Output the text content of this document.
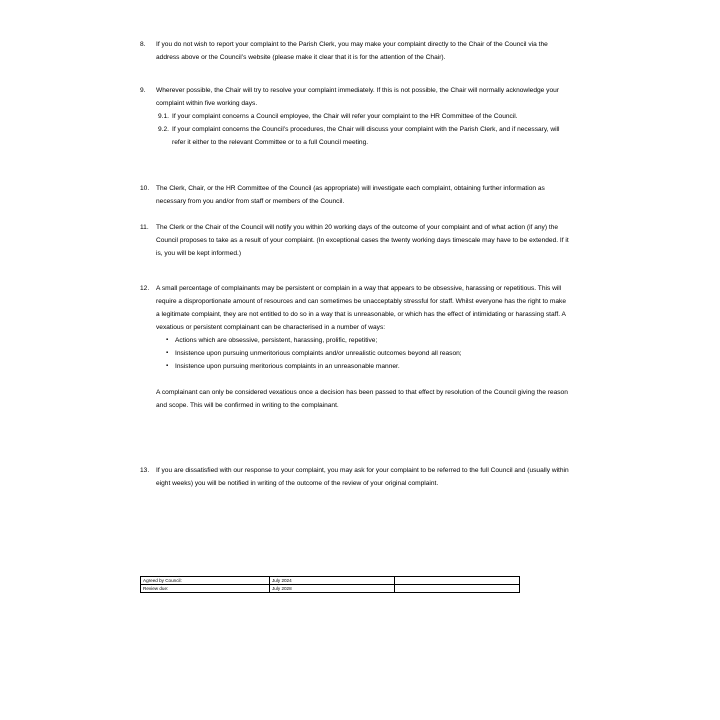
8.	If you do not wish to report your complaint to the Parish Clerk, you may make your complaint directly to the Chair of the Council via the address above or the Council’s website (please make it clear that it is for the attention of the Chair).
9.	Wherever possible, the Chair will try to resolve your complaint immediately. If this is not possible, the Chair will normally acknowledge your complaint within five working days.
9.1. If your complaint concerns a Council employee, the Chair will refer your complaint to the HR Committee of the Council.
9.2. If your complaint concerns the Council’s procedures, the Chair will discuss your complaint with the Parish Clerk, and if necessary, will refer it either to the relevant Committee or to a full Council meeting.
10.	The Clerk, Chair, or the HR Committee of the Council (as appropriate) will investigate each complaint, obtaining further information as necessary from you and/or from staff or members of the Council.
11.	The Clerk or the Chair of the Council will notify you within 20 working days of the outcome of your complaint and of what action (if any) the Council proposes to take as a result of your complaint. (In exceptional cases the twenty working days timescale may have to be extended. If it is, you will be kept informed.)
12.	A small percentage of complainants may be persistent or complain in a way that appears to be obsessive, harassing or repetitious. This will require a disproportionate amount of resources and can sometimes be unacceptably stressful for staff. Whilst everyone has the right to make a legitimate complaint, they are not entitled to do so in a way that is unreasonable, or which has the effect of intimidating or harassing staff. A vexatious or persistent complainant can be characterised in a number of ways:
▪ Actions which are obsessive, persistent, harassing, prolific, repetitive;
▪ Insistence upon pursuing unmeritorious complaints and/or unrealistic outcomes beyond all reason;
▪ Insistence upon pursuing meritorious complaints in an unreasonable manner.
A complainant can only be considered vexatious once a decision has been passed to that effect by resolution of the Council giving the reason and scope. This will be confirmed in writing to the complainant.
13.	If you are dissatisfied with our response to your complaint, you may ask for your complaint to be referred to the full Council and (usually within eight weeks) you will be notified in writing of the outcome of the review of your original complaint.
Agreed by Council:	July 2024	
Review due:	July 2028	
